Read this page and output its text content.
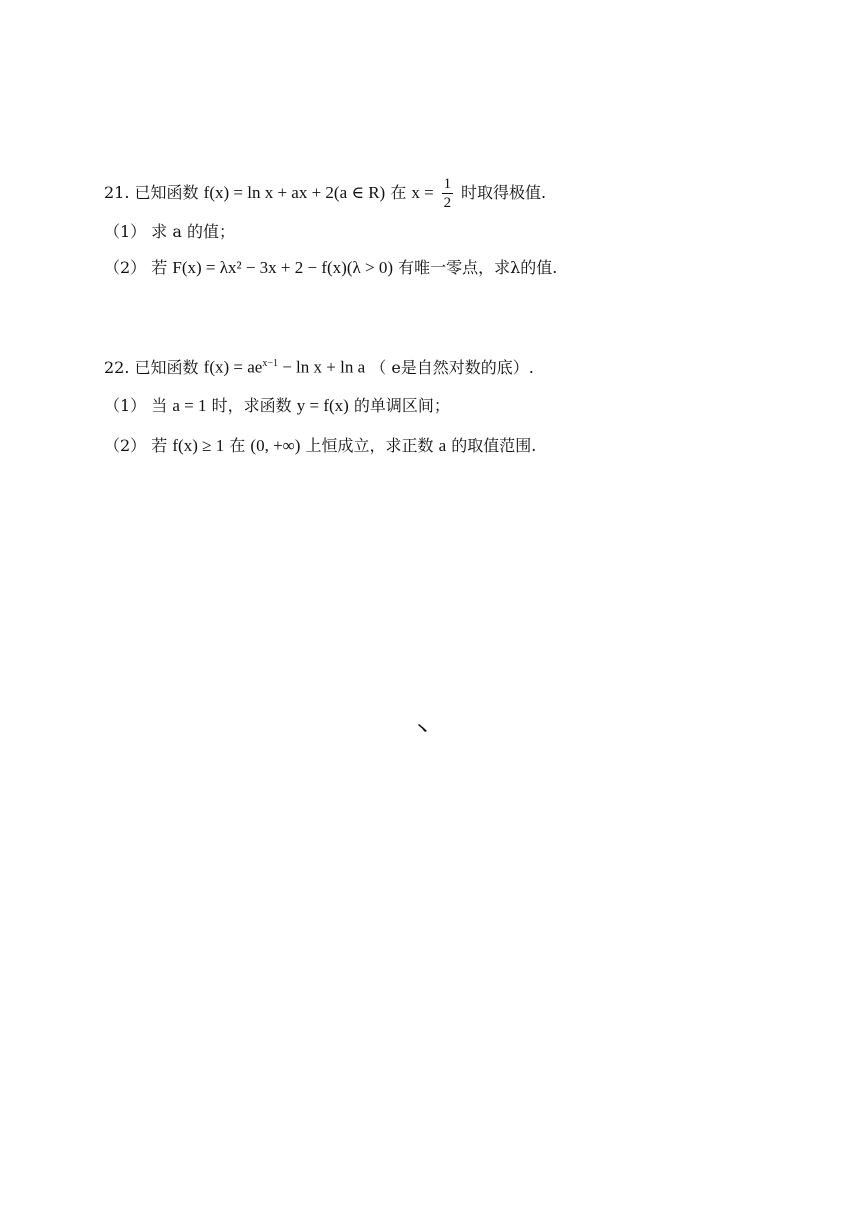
21. 已知函数 f(x) = ln x + ax + 2(a ∈ R) 在 $x = \frac{1}{2}$ 时取得极值.
（1） 求 a 的值；
（2） 若 F(x) = λx² − 3x + 2 − f(x)(λ > 0) 有唯一零点，求λ的值.
22. 已知函数 $f(x) = ae^{x-1} - \ln x + \ln a$ （ e是自然对数的底）.
（1） 当 a = 1 时，求函数 y = f(x) 的单调区间；
（2） 若 f(x) ≥ 1 在 (0, +∞) 上恒成立，求正数 a 的取值范围.
